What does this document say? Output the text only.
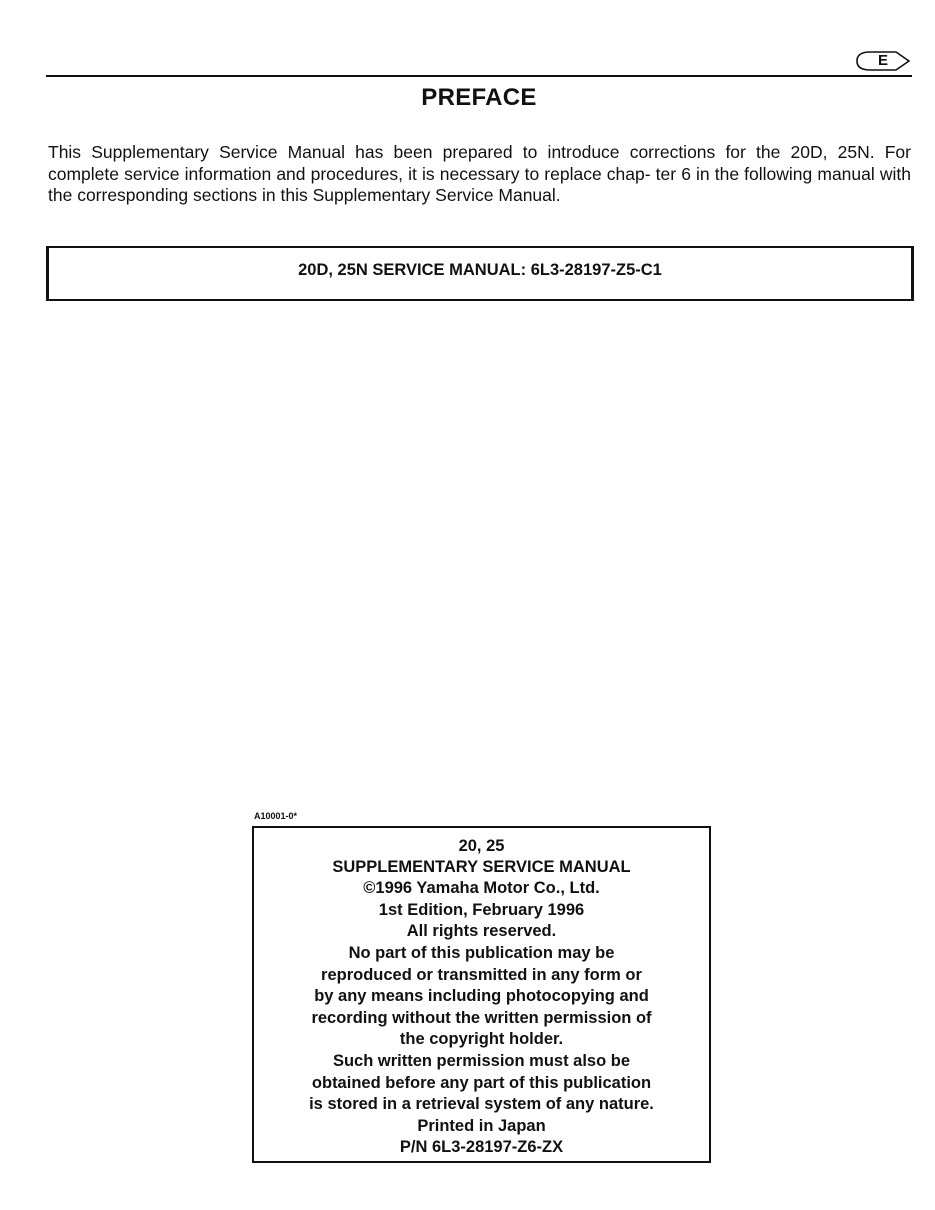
E
PREFACE

This Supplementary Service Manual has been prepared to introduce corrections for the 20D, 25N. For complete service information and procedures, it is necessary to replace chap- ter 6 in the following manual with the corresponding sections in this Supplementary Service Manual.

20D, 25N SERVICE MANUAL: 6L3-28197-Z5-C1
A10001-0*
20, 25
SUPPLEMENTARY SERVICE MANUAL
©1996 Yamaha Motor Co., Ltd.
1st Edition, February 1996
All rights reserved.
No part of this publication may be
reproduced or transmitted in any form or
by any means including photocopying and
recording without the written permission of
the copyright holder.
Such written permission must also be
obtained before any part of this publication
is stored in a retrieval system of any nature.
Printed in Japan
P/N 6L3-28197-Z6-ZX
